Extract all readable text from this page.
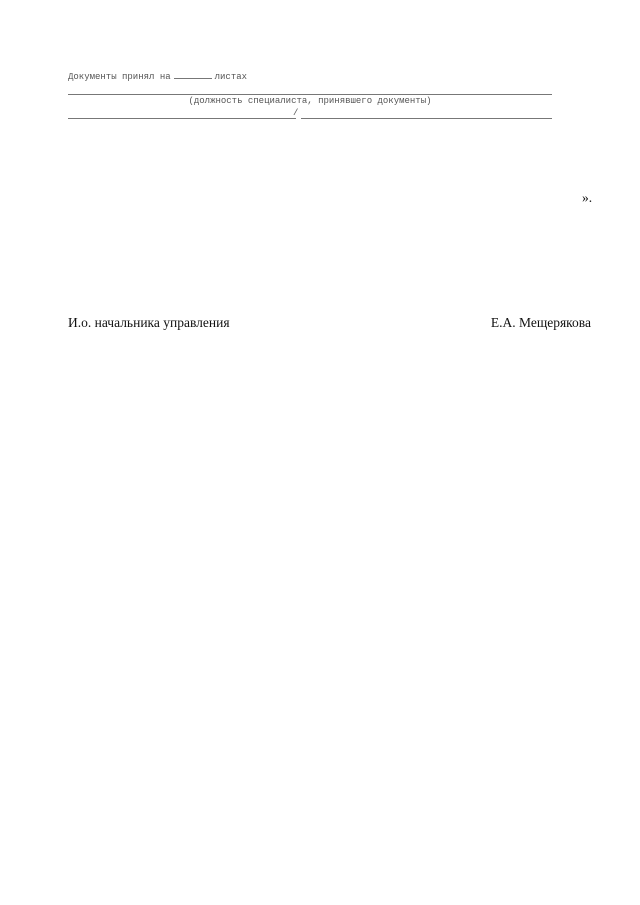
Документы принял на	листах
(должность специалиста, принявшего документы)
/
».
И.о. начальника управления	Е.А. Мещерякова
